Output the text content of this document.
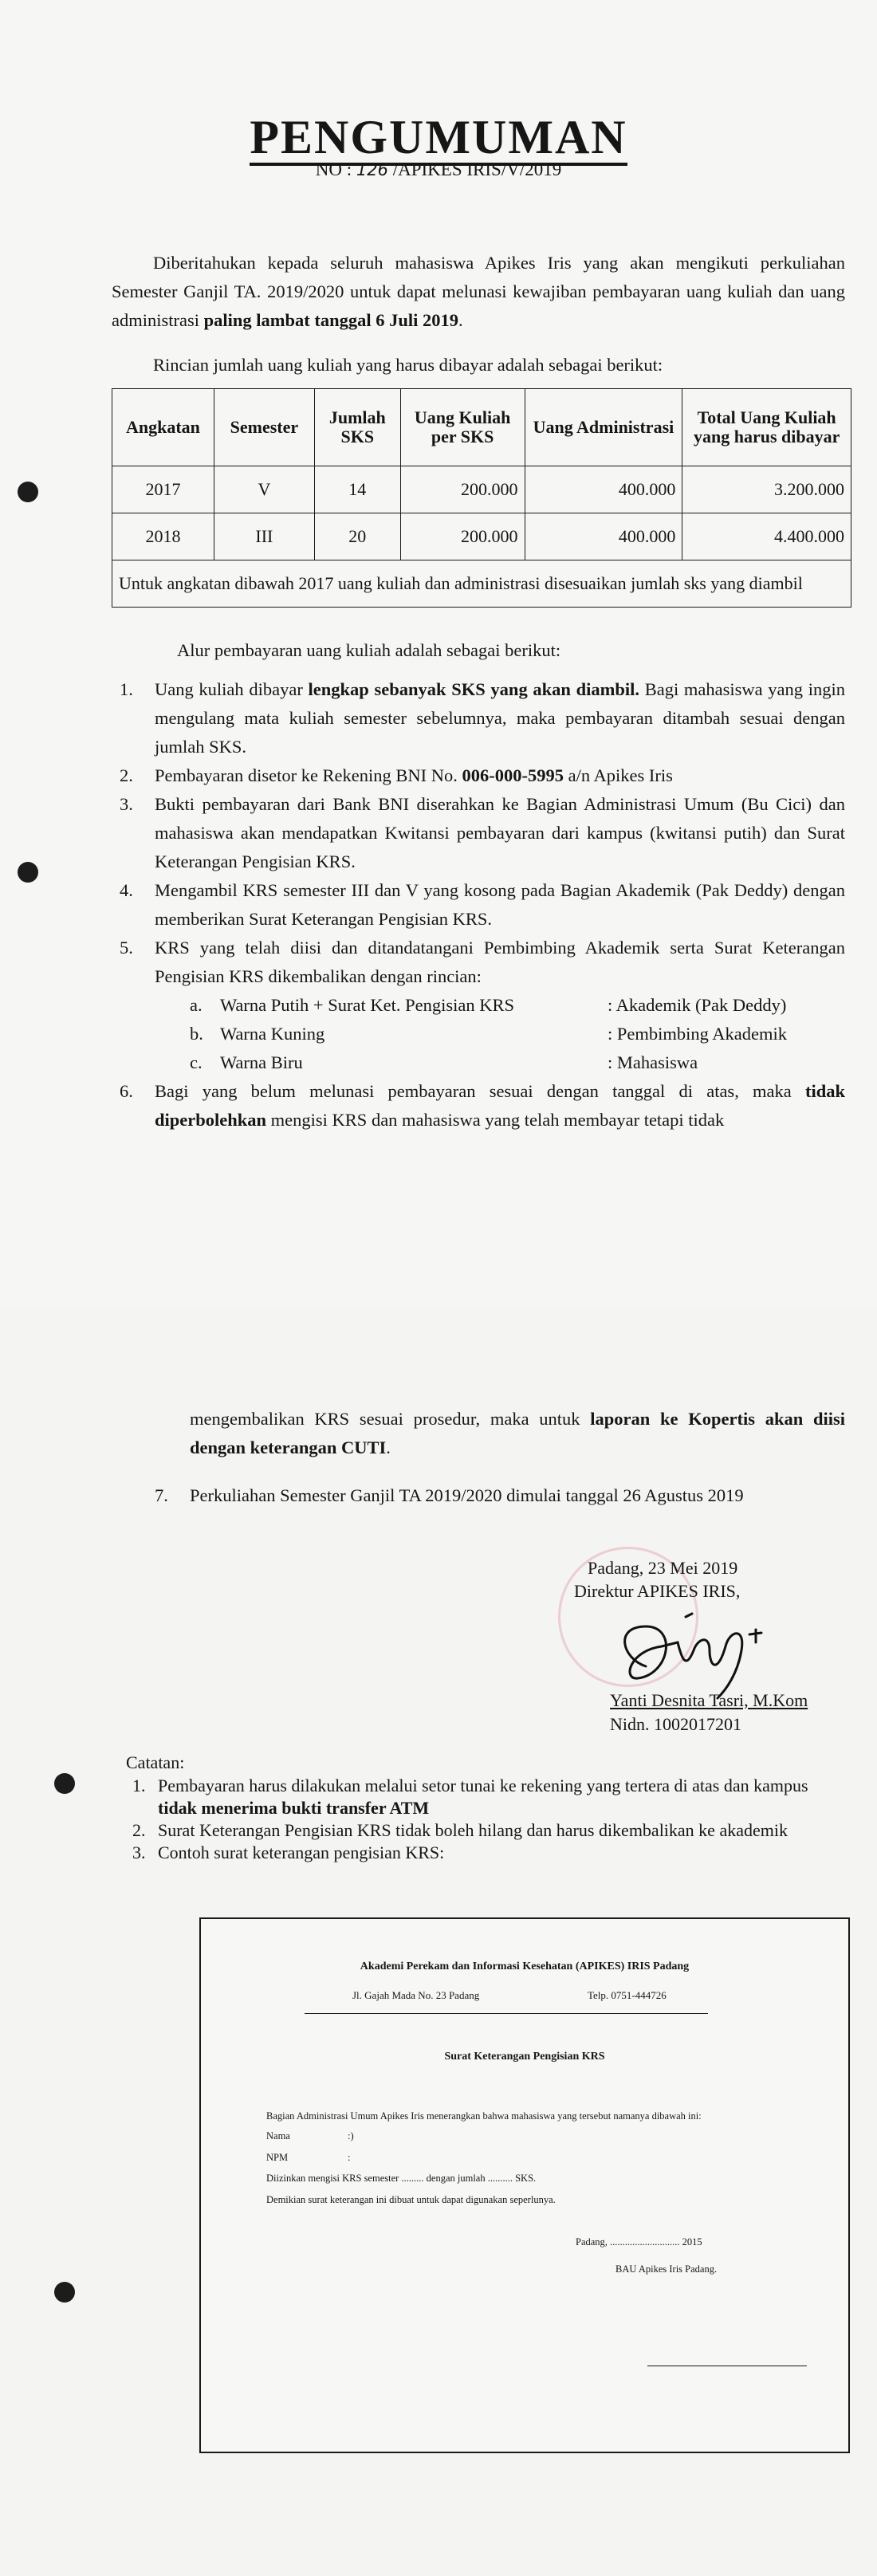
PENGUMUMAN
NO : 126 /APIKES IRIS/V/2019

Diberitahukan kepada seluruh mahasiswa Apikes Iris yang akan mengikuti perkuliahan Semester Ganjil TA. 2019/2020 untuk dapat melunasi kewajiban pembayaran uang kuliah dan uang administrasi paling lambat tanggal 6 Juli 2019.

Rincian jumlah uang kuliah yang harus dibayar adalah sebagai berikut:

Angkatan	Semester	Jumlah SKS	Uang Kuliah per SKS	Uang Administrasi	Total Uang Kuliah yang harus dibayar
2017	V	14	200.000	400.000	3.200.000
2018	III	20	200.000	400.000	4.400.000
Untuk angkatan dibawah 2017 uang kuliah dan administrasi disesuaikan jumlah sks yang diambil					

Alur pembayaran uang kuliah adalah sebagai berikut:

1. Uang kuliah dibayar lengkap sebanyak SKS yang akan diambil. Bagi mahasiswa yang ingin mengulang mata kuliah semester sebelumnya, maka pembayaran ditambah sesuai dengan jumlah SKS.
2. Pembayaran disetor ke Rekening BNI No. 006-000-5995 a/n Apikes Iris
3. Bukti pembayaran dari Bank BNI diserahkan ke Bagian Administrasi Umum (Bu Cici) dan mahasiswa akan mendapatkan Kwitansi pembayaran dari kampus (kwitansi putih) dan Surat Keterangan Pengisian KRS.
4. Mengambil KRS semester III dan V yang kosong pada Bagian Akademik (Pak Deddy) dengan memberikan Surat Keterangan Pengisian KRS.
5. KRS yang telah diisi dan ditandatangani Pembimbing Akademik serta Surat Keterangan Pengisian KRS dikembalikan dengan rincian:
a. Warna Putih + Surat Ket. Pengisian KRS	: Akademik (Pak Deddy)
b. Warna Kuning	: Pembimbing Akademik
c. Warna Biru	: Mahasiswa
6. Bagi yang belum melunasi pembayaran sesuai dengan tanggal di atas, maka tidak diperbolehkan mengisi KRS dan mahasiswa yang telah membayar tetapi tidak

mengembalikan KRS sesuai prosedur, maka untuk laporan ke Kopertis akan diisi dengan keterangan CUTI.

7. Perkuliahan Semester Ganjil TA 2019/2020 dimulai tanggal 26 Agustus 2019
Padang, 23 Mei 2019
Direktur APIKES IRIS,
Yanti Desnita Tasri, M.Kom
Nidn. 1002017201
Catatan:
1. Pembayaran harus dilakukan melalui setor tunai ke rekening yang tertera di atas dan kampus tidak menerima bukti transfer ATM
2. Surat Keterangan Pengisian KRS tidak boleh hilang dan harus dikembalikan ke akademik
3. Contoh surat keterangan pengisian KRS:
Akademi Perekam dan Informasi Kesehatan (APIKES) IRIS Padang
Jl. Gajah Mada No. 23 Padang	Telp. 0751-444726
Surat Keterangan Pengisian KRS
Bagian Administrasi Umum Apikes Iris menerangkan bahwa mahasiswa yang tersebut namanya dibawah ini:
Nama	:)
NPM	:
Diizinkan mengisi KRS semester ......... dengan jumlah .......... SKS.
Demikian surat keterangan ini dibuat untuk dapat digunakan seperlunya.
Padang, ............................ 2015
BAU Apikes Iris Padang.
